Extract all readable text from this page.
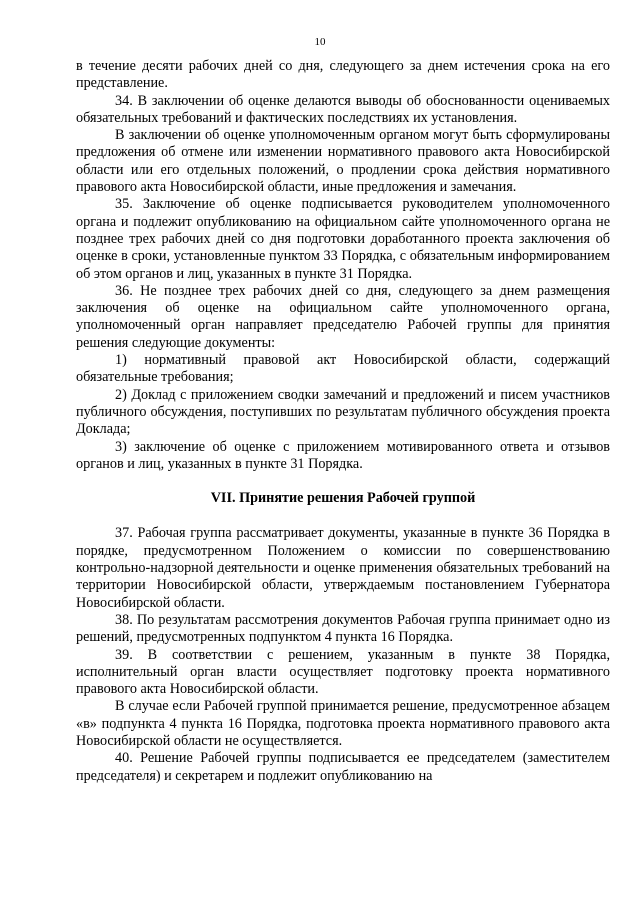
10

в течение десяти рабочих дней со дня, следующего за днем истечения срока на его представление.

34. В заключении об оценке делаются выводы об обоснованности оцениваемых обязательных требований и фактических последствиях их установления.

В заключении об оценке уполномоченным органом могут быть сформулированы предложения об отмене или изменении нормативного правового акта Новосибирской области или его отдельных положений, о продлении срока действия нормативного правового акта Новосибирской области, иные предложения и замечания.

35. Заключение об оценке подписывается руководителем уполномоченного органа и подлежит опубликованию на официальном сайте уполномоченного органа не позднее трех рабочих дней со дня подготовки доработанного проекта заключения об оценке в сроки, установленные пунктом 33 Порядка, с обязательным информированием об этом органов и лиц, указанных в пункте 31 Порядка.

36. Не позднее трех рабочих дней со дня, следующего за днем размещения заключения об оценке на официальном сайте уполномоченного органа, уполномоченный орган направляет председателю Рабочей группы для принятия решения следующие документы:

1) нормативный правовой акт Новосибирской области, содержащий обязательные требования;

2) Доклад с приложением сводки замечаний и предложений и писем участников публичного обсуждения, поступивших по результатам публичного обсуждения проекта Доклада;

3) заключение об оценке с приложением мотивированного ответа и отзывов органов и лиц, указанных в пункте 31 Порядка.

VII. Принятие решения Рабочей группой

37. Рабочая группа рассматривает документы, указанные в пункте 36 Порядка в порядке, предусмотренном Положением о комиссии по совершенствованию контрольно-надзорной деятельности и оценке применения обязательных требований на территории Новосибирской области, утверждаемым постановлением Губернатора Новосибирской области.

38. По результатам рассмотрения документов Рабочая группа принимает одно из решений, предусмотренных подпунктом 4 пункта 16 Порядка.

39. В соответствии с решением, указанным в пункте 38 Порядка, исполнительный орган власти осуществляет подготовку проекта нормативного правового акта Новосибирской области.

В случае если Рабочей группой принимается решение, предусмотренное абзацем «в» подпункта 4 пункта 16 Порядка, подготовка проекта нормативного правового акта Новосибирской области не осуществляется.

40. Решение Рабочей группы подписывается ее председателем (заместителем председателя) и секретарем и подлежит опубликованию на
